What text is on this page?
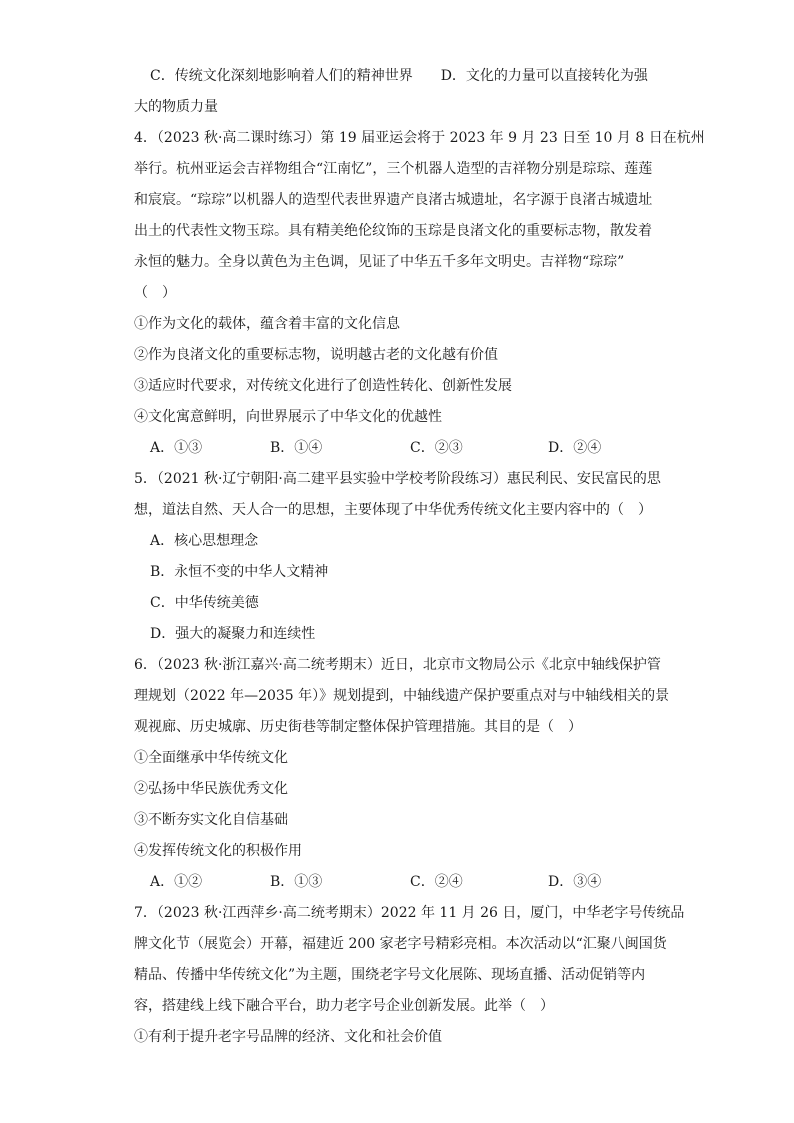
C．传统文化深刻地影响着人们的精神世界　　D．文化的力量可以直接转化为强
大的物质力量
4．（2023 秋·高二课时练习）第 19 届亚运会将于 2023 年 9 月 23 日至 10 月 8 日在杭州
举行。杭州亚运会吉祥物组合“江南忆”，三个机器人造型的吉祥物分别是琮琮、莲莲
和宸宸。“琮琮”以机器人的造型代表世界遗产良渚古城遗址，名字源于良渚古城遗址
出土的代表性文物玉琮。具有精美绝伦纹饰的玉琮是良渚文化的重要标志物，散发着
永恒的魅力。全身以黄色为主色调，见证了中华五千多年文明史。吉祥物“琮琮”
（　）
①作为文化的载体，蕴含着丰富的文化信息
②作为良渚文化的重要标志物，说明越古老的文化越有价值
③适应时代要求，对传统文化进行了创造性转化、创新性发展
④文化寓意鲜明，向世界展示了中华文化的优越性
A．①③	B．①④	C．②③	D．②④
5．（2021 秋·辽宁朝阳·高二建平县实验中学校考阶段练习）惠民利民、安民富民的思
想，道法自然、天人合一的思想，主要体现了中华优秀传统文化主要内容中的（　）
A．核心思想理念
B．永恒不变的中华人文精神
C．中华传统美德
D．强大的凝聚力和连续性
6．（2023 秋·浙江嘉兴·高二统考期末）近日，北京市文物局公示《北京中轴线保护管
理规划（2022 年—2035 年）》规划提到，中轴线遗产保护要重点对与中轴线相关的景
观视廊、历史城廓、历史街巷等制定整体保护管理措施。其目的是（　）
①全面继承中华传统文化
②弘扬中华民族优秀文化
③不断夯实文化自信基础
④发挥传统文化的积极作用
A．①②	B．①③	C．②④	D．③④
7．（2023 秋·江西萍乡·高二统考期末）2022 年 11 月 26 日，厦门，中华老字号传统品
牌文化节（展览会）开幕，福建近 200 家老字号精彩亮相。本次活动以“汇聚八闽国货
精品、传播中华传统文化”为主题，围绕老字号文化展陈、现场直播、活动促销等内
容，搭建线上线下融合平台，助力老字号企业创新发展。此举（　）
①有利于提升老字号品牌的经济、文化和社会价值
